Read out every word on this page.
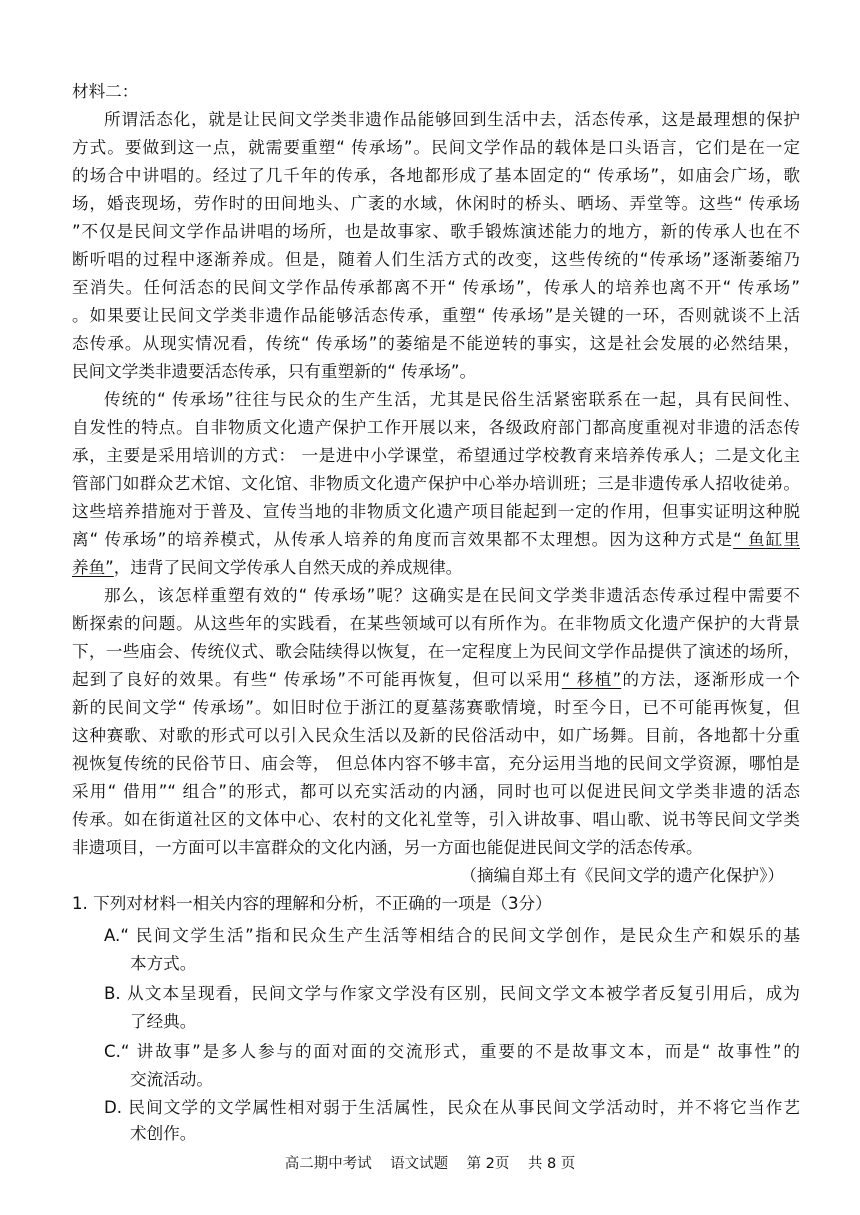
材料二：
所谓活态化，就是让民间文学类非遗作品能够回到生活中去，活态传承，这是最理想的保护
方式。要做到这一点，就需要重塑“ 传承场”。民间文学作品的载体是口头语言，它们是在一定
的场合中讲唱的。经过了几千年的传承，各地都形成了基本固定的“ 传承场”，如庙会广场，歌
场，婚丧现场，劳作时的田间地头、广袤的水域，休闲时的桥头、晒场、弄堂等。这些“ 传承场
”不仅是民间文学作品讲唱的场所，也是故事家、歌手锻炼演述能力的地方，新的传承人也在不
断听唱的过程中逐渐养成。但是，随着人们生活方式的改变，这些传统的“传承场”逐渐萎缩乃
至消失。任何活态的民间文学作品传承都离不开“ 传承场”，传承人的培养也离不开“ 传承场”
。如果要让民间文学类非遗作品能够活态传承，重塑“ 传承场”是关键的一环，否则就谈不上活
态传承。从现实情况看，传统“ 传承场”的萎缩是不能逆转的事实，这是社会发展的必然结果，
民间文学类非遗要活态传承，只有重塑新的“ 传承场”。
传统的“ 传承场”往往与民众的生产生活，尤其是民俗生活紧密联系在一起，具有民间性、
自发性的特点。自非物质文化遗产保护工作开展以来，各级政府部门都高度重视对非遗的活态传
承，主要是采用培训的方式： 一是进中小学课堂，希望通过学校教育来培养传承人；二是文化主
管部门如群众艺术馆、文化馆、非物质文化遗产保护中心举办培训班；三是非遗传承人招收徒弟。
这些培养措施对于普及、宣传当地的非物质文化遗产项目能起到一定的作用，但事实证明这种脱
离“ 传承场”的培养模式，从传承人培养的角度而言效果都不太理想。因为这种方式是“ 鱼缸里
养鱼”，违背了民间文学传承人自然天成的养成规律。
那么，该怎样重塑有效的“ 传承场”呢？这确实是在民间文学类非遗活态传承过程中需要不
断探索的问题。从这些年的实践看，在某些领域可以有所作为。在非物质文化遗产保护的大背景
下，一些庙会、传统仪式、歌会陆续得以恢复，在一定程度上为民间文学作品提供了演述的场所，
起到了良好的效果。有些“ 传承场”不可能再恢复，但可以采用“ 移植”的方法，逐渐形成一个
新的民间文学“ 传承场”。如旧时位于浙江的夏墓荡赛歌情境，时至今日，已不可能再恢复，但
这种赛歌、对歌的形式可以引入民众生活以及新的民俗活动中，如广场舞。目前，各地都十分重
视恢复传统的民俗节日、庙会等， 但总体内容不够丰富，充分运用当地的民间文学资源，哪怕是
采用“ 借用”“ 组合”的形式，都可以充实活动的内涵，同时也可以促进民间文学类非遗的活态
传承。如在街道社区的文体中心、农村的文化礼堂等，引入讲故事、唱山歌、说书等民间文学类
非遗项目，一方面可以丰富群众的文化内涵，另一方面也能促进民间文学的活态传承。
（摘编自郑土有《民间文学的遗产化保护》）
1. 下列对材料一相关内容的理解和分析，不正确的一项是（3分）
A.“ 民间文学生活”指和民众生产生活等相结合的民间文学创作，是民众生产和娱乐的基
本方式。
B. 从文本呈现看，民间文学与作家文学没有区别，民间文学文本被学者反复引用后，成为
了经典。
C.“ 讲故事”是多人参与的面对面的交流形式，重要的不是故事文本，而是“ 故事性”的
交流活动。
D. 民间文学的文学属性相对弱于生活属性，民众在从事民间文学活动时，并不将它当作艺
高二期中考试    语文试题    第 2页    共 8 页
术创作。
